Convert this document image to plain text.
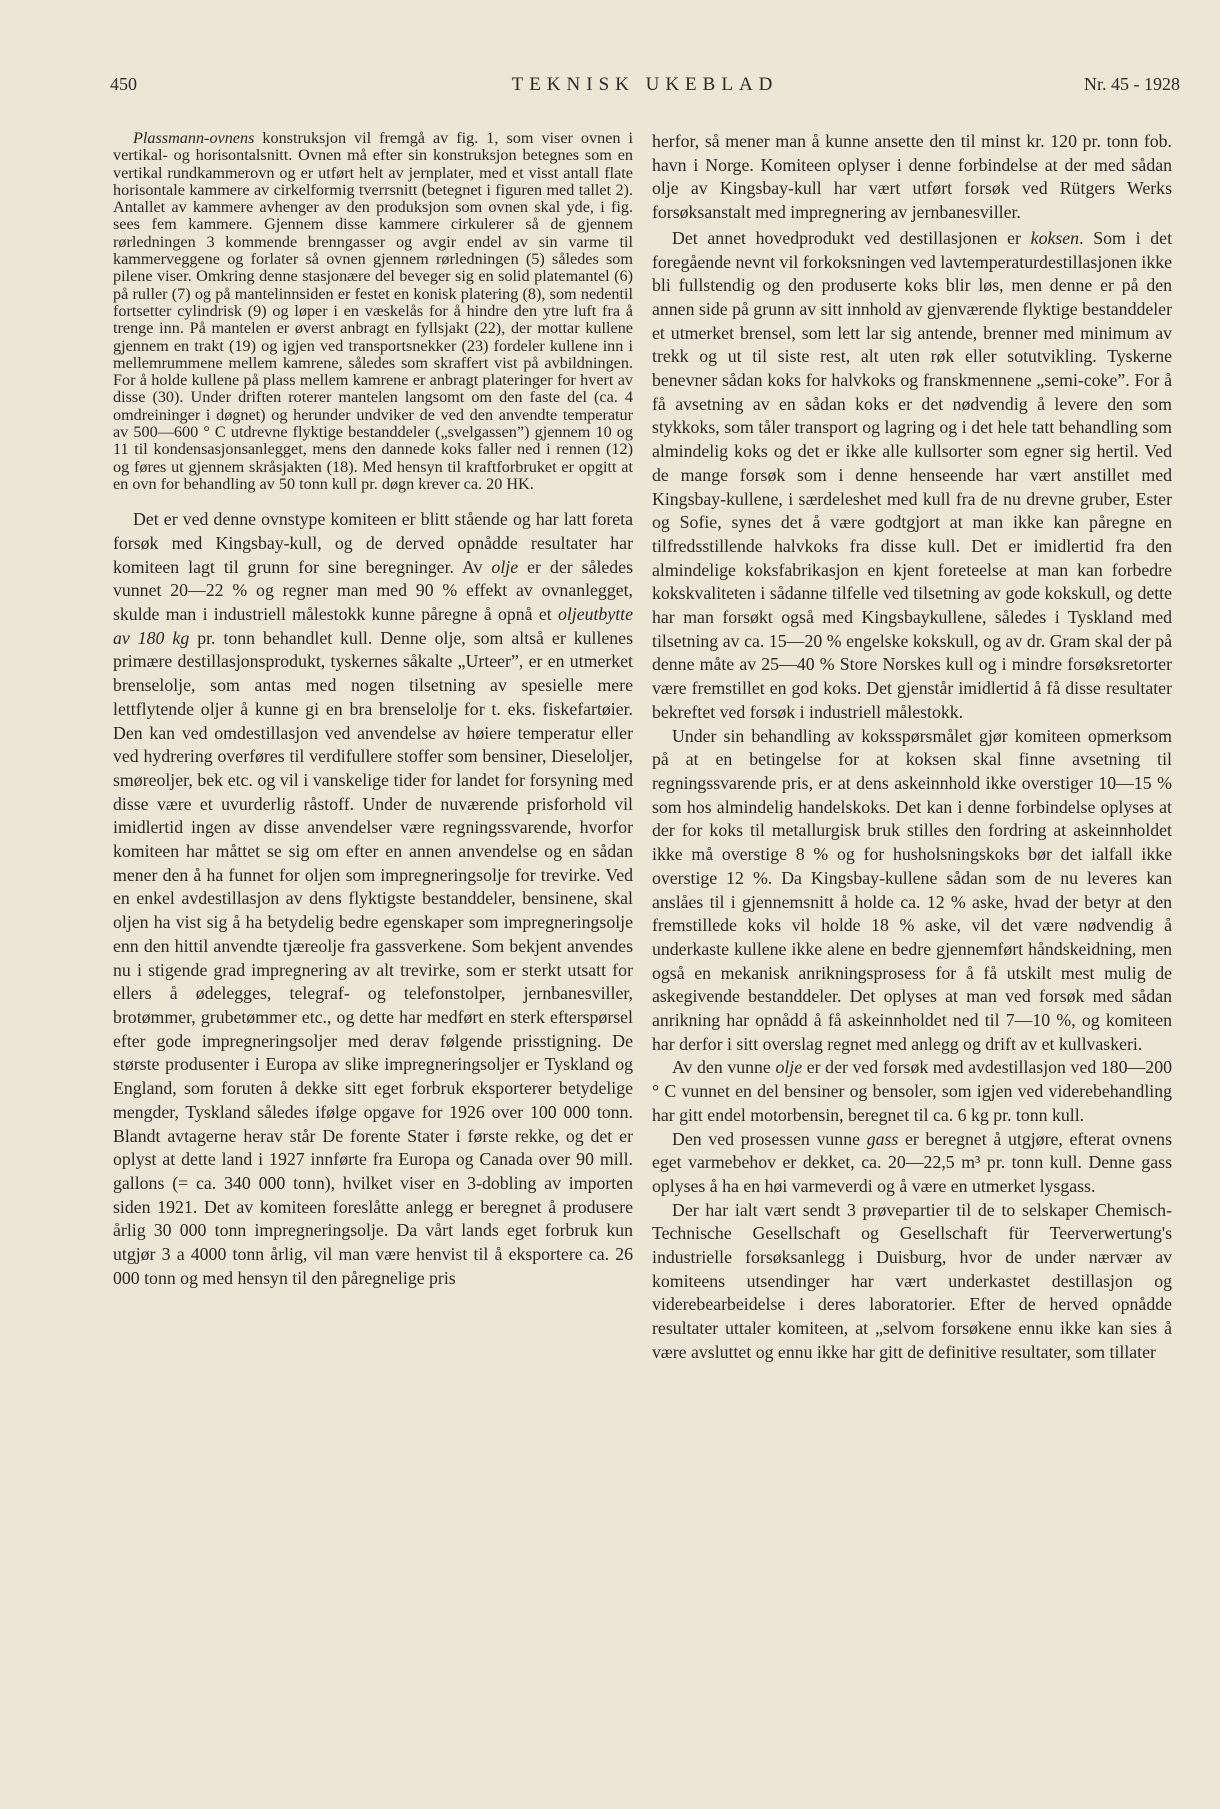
450	TEKNISK UKEBLAD	Nr. 45 - 1928

Plassmann-ovnens konstruksjon vil fremgå av fig. 1, som viser ovnen i vertikal- og horisontalsnitt. Ovnen må efter sin konstruksjon betegnes som en vertikal rundkammerovn og er utført helt av jernplater, med et visst antall flate horisontale kammere av cirkelformig tverrsnitt (betegnet i figuren med tallet 2). Antallet av kammere avhenger av den produksjon som ovnen skal yde, i fig. sees fem kammere. Gjennem disse kammere cirkulerer så de gjennem rørledningen 3 kommende brenngasser og avgir endel av sin varme til kammerveggene og forlater så ovnen gjennem rørledningen (5) således som pilene viser. Omkring denne stasjonære del beveger sig en solid platemantel (6) på ruller (7) og på mantelinnsiden er festet en konisk platering (8), som nedentil fortsetter cylindrisk (9) og løper i en væskelås for å hindre den ytre luft fra å trenge inn. På mantelen er øverst anbragt en fyllsjakt (22), der mottar kullene gjennem en trakt (19) og igjen ved transportsnekker (23) fordeler kullene inn i mellemrummene mellem kamrene, således som skraffert vist på avbildningen. For å holde kullene på plass mellem kamrene er anbragt plateringer for hvert av disse (30). Under driften roterer mantelen langsomt om den faste del (ca. 4 omdreininger i døgnet) og herunder undviker de ved den anvendte temperatur av 500—600 ° C utdrevne flyktige bestanddeler („svelgassen”) gjennem 10 og 11 til kondensasjonsanlegget, mens den dannede koks faller ned i rennen (12) og føres ut gjennem skråsjakten (18). Med hensyn til kraftforbruket er opgitt at en ovn for behandling av 50 tonn kull pr. døgn krever ca. 20 HK.

Det er ved denne ovnstype komiteen er blitt stående og har latt foreta forsøk med Kingsbay-kull, og de derved opnådde resultater har komiteen lagt til grunn for sine beregninger. Av olje er der således vunnet 20—22 % og regner man med 90 % effekt av ovnanlegget, skulde man i industriell målestokk kunne påregne å opnå et oljeutbytte av 180 kg pr. tonn behandlet kull. Denne olje, som altså er kullenes primære destillasjonsprodukt, tyskernes såkalte „Urteer”, er en utmerket brenselolje, som antas med nogen tilsetning av spesielle mere lettflytende oljer å kunne gi en bra brenselolje for t. eks. fiskefartøier. Den kan ved omdestillasjon ved anvendelse av høiere temperatur eller ved hydrering overføres til verdifullere stoffer som bensiner, Dieseloljer, smøreoljer, bek etc. og vil i vanskelige tider for landet for forsyning med disse være et uvurderlig råstoff. Under de nuværende prisforhold vil imidlertid ingen av disse anvendelser være regningssvarende, hvorfor komiteen har måttet se sig om efter en annen anvendelse og en sådan mener den å ha funnet for oljen som impregneringsolje for trevirke. Ved en enkel avdestillasjon av dens flyktigste bestanddeler, bensinene, skal oljen ha vist sig å ha betydelig bedre egenskaper som impregneringsolje enn den hittil anvendte tjæreolje fra gassverkene. Som bekjent anvendes nu i stigende grad impregnering av alt trevirke, som er sterkt utsatt for ellers å ødelegges, telegraf- og telefonstolper, jernbanesviller, brotømmer, grubetømmer etc., og dette har medført en sterk efterspørsel efter gode impregneringsoljer med derav følgende prisstigning. De største produsenter i Europa av slike impregneringsoljer er Tyskland og England, som foruten å dekke sitt eget forbruk eksporterer betydelige mengder, Tyskland således ifølge opgave for 1926 over 100 000 tonn. Blandt avtagerne herav står De forente Stater i første rekke, og det er oplyst at dette land i 1927 innførte fra Europa og Canada over 90 mill. gallons (= ca. 340 000 tonn), hvilket viser en 3-dobling av importen siden 1921. Det av komiteen foreslåtte anlegg er beregnet å produsere årlig 30 000 tonn impregneringsolje. Da vårt lands eget forbruk kun utgjør 3 a 4000 tonn årlig, vil man være henvist til å eksportere ca. 26 000 tonn og med hensyn til den påregnelige pris

herfor, så mener man å kunne ansette den til minst kr. 120 pr. tonn fob. havn i Norge. Komiteen oplyser i denne forbindelse at der med sådan olje av Kingsbay-kull har vært utført forsøk ved Rütgers Werks forsøksanstalt med impregnering av jernbanesviller.

Det annet hovedprodukt ved destillasjonen er koksen. Som i det foregående nevnt vil forkoksningen ved lavtemperaturdestillasjonen ikke bli fullstendig og den produserte koks blir løs, men denne er på den annen side på grunn av sitt innhold av gjenværende flyktige bestanddeler et utmerket brensel, som lett lar sig antende, brenner med minimum av trekk og ut til siste rest, alt uten røk eller sotutvikling. Tyskerne benevner sådan koks for halvkoks og franskmennene „semi-coke”. For å få avsetning av en sådan koks er det nødvendig å levere den som stykkoks, som tåler transport og lagring og i det hele tatt behandling som almindelig koks og det er ikke alle kullsorter som egner sig hertil. Ved de mange forsøk som i denne henseende har vært anstillet med Kingsbay-kullene, i særdeleshet med kull fra de nu drevne gruber, Ester og Sofie, synes det å være godtgjort at man ikke kan påregne en tilfredsstillende halvkoks fra disse kull. Det er imidlertid fra den almindelige koksfabrikasjon en kjent foreteelse at man kan forbedre kokskvaliteten i sådanne tilfelle ved tilsetning av gode kokskull, og dette har man forsøkt også med Kingsbaykullene, således i Tyskland med tilsetning av ca. 15—20 % engelske kokskull, og av dr. Gram skal der på denne måte av 25—40 % Store Norskes kull og i mindre forsøksretorter være fremstillet en god koks. Det gjenstår imidlertid å få disse resultater bekreftet ved forsøk i industriell målestokk.

Under sin behandling av koksspørsmålet gjør komiteen opmerksom på at en betingelse for at koksen skal finne avsetning til regningssvarende pris, er at dens askeinnhold ikke overstiger 10—15 % som hos almindelig handelskoks. Det kan i denne forbindelse oplyses at der for koks til metallurgisk bruk stilles den fordring at askeinnholdet ikke må overstige 8 % og for husholsningskoks bør det ialfall ikke overstige 12 %. Da Kingsbay-kullene sådan som de nu leveres kan anslåes til i gjennemsnitt å holde ca. 12 % aske, hvad der betyr at den fremstillede koks vil holde 18 % aske, vil det være nødvendig å underkaste kullene ikke alene en bedre gjennemført håndskeidning, men også en mekanisk anrikningsprosess for å få utskilt mest mulig de askegivende bestanddeler. Det oplyses at man ved forsøk med sådan anrikning har opnådd å få askeinnholdet ned til 7—10 %, og komiteen har derfor i sitt overslag regnet med anlegg og drift av et kullvaskeri.

Av den vunne olje er der ved forsøk med avdestillasjon ved 180—200 ° C vunnet en del bensiner og bensoler, som igjen ved viderebehandling har gitt endel motorbensin, beregnet til ca. 6 kg pr. tonn kull.

Den ved prosessen vunne gass er beregnet å utgjøre, efterat ovnens eget varmebehov er dekket, ca. 20—22,5 m³ pr. tonn kull. Denne gass oplyses å ha en høi varmeverdi og å være en utmerket lysgass.

Der har ialt vært sendt 3 prøvepartier til de to selskaper Chemisch-Technische Gesellschaft og Gesellschaft für Teerverwertung's industrielle forsøksanlegg i Duisburg, hvor de under nærvær av komiteens utsendinger har vært underkastet destillasjon og viderebearbeidelse i deres laboratorier. Efter de herved opnådde resultater uttaler komiteen, at „selvom forsøkene ennu ikke kan sies å være avsluttet og ennu ikke har gitt de definitive resultater, som tillater
